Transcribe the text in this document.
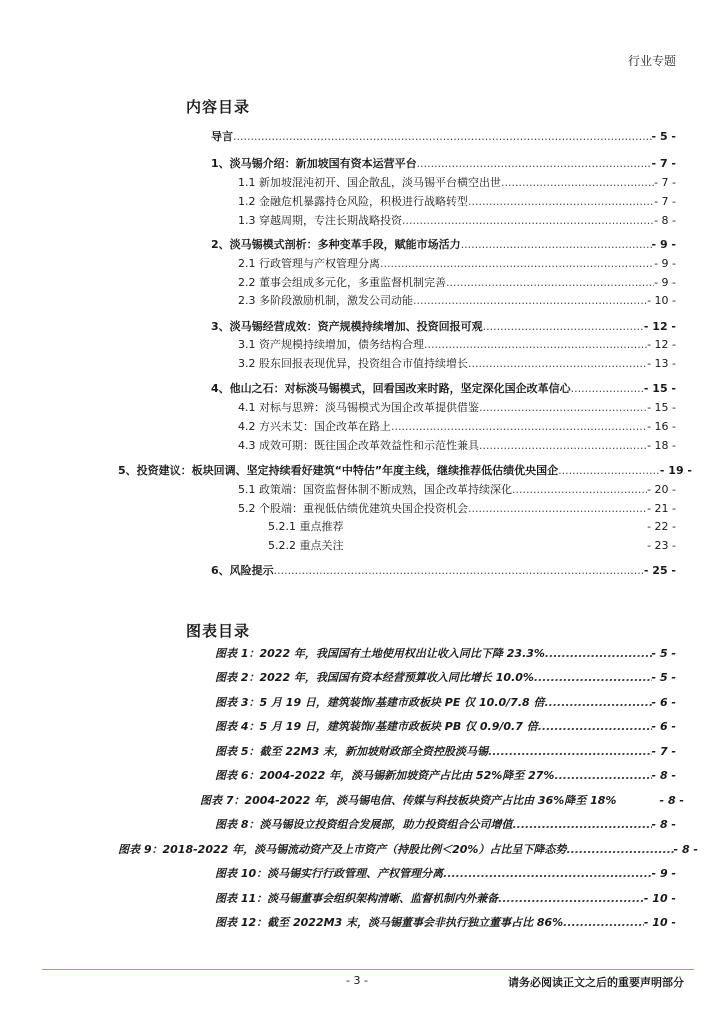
行业专题
内容目录
导言 .....	- 5 -
1、淡马锡介绍：新加坡国有资本运营平台 .....	- 7 -
1.1 新加坡混沌初开、国企散乱，淡马锡平台横空出世 .....	- 7 -
1.2 金融危机暴露持仓风险，积极进行战略转型 .....	- 7 -
1.3 穿越周期，专注长期战略投资 .....	- 8 -
2、淡马锡模式剖析：多种变革手段，赋能市场活力 .....	- 9 -
2.1 行政管理与产权管理分离 .....	- 9 -
2.2 董事会组成多元化，多重监督机制完善 .....	- 9 -
2.3 多阶段激励机制，激发公司动能 .....	- 10 -
3、淡马锡经营成效：资产规模持续增加、投资回报可观 .....	- 12 -
3.1 资产规模持续增加，债务结构合理 .....	- 12 -
3.2 股东回报表现优异，投资组合市值持续增长 .....	- 13 -
4、他山之石：对标淡马锡模式，回看国改来时路，坚定深化国企改革信心 .....	- 15 -
4.1 对标与思辨：淡马锡模式为国企改革提供借鉴 .....	- 15 -
4.2 方兴未艾：国企改革在路上 .....	- 16 -
4.3 成效可期：既往国企改革效益性和示范性兼具 .....	- 18 -
5、投资建议：板块回调、坚定持续看好建筑“中特估”年度主线，继续推荐低估绩优央国企 .....	- 19 -
5.1 政策端：国资监督体制不断成熟，国企改革持续深化 .....	- 20 -
5.2 个股端：重视低估绩优建筑央国企投资机会 .....	- 21 -
5.2.1 重点推荐	- 22 -
5.2.2 重点关注	- 23 -
6、风险提示 .....	- 25 -
图表目录
图表 1：2022 年，我国国有土地使用权出让收入同比下降 23.3% .....	- 5 -
图表 2：2022 年，我国国有资本经营预算收入同比增长 10.0% .....	- 5 -
图表 3：5 月 19 日，建筑装饰/基建市政板块 PE 仅 10.0/7.8 倍 .....	- 6 -
图表 4：5 月 19 日，建筑装饰/基建市政板块 PB 仅 0.9/0.7 倍 .....	- 6 -
图表 5：截至 22M3 末，新加坡财政部全资控股淡马锡 .....	- 7 -
图表 6：2004-2022 年，淡马锡新加坡资产占比由 52%降至 27% .....	- 8 -
图表 7：2004-2022 年，淡马锡电信、传媒与科技板块资产占比由 36%降至 18%	- 8 -
图表 8：淡马锡设立投资组合发展部，助力投资组合公司增值 .....	- 8 -
图表 9：2018-2022 年，淡马锡流动资产及上市资产（持股比例＜20%）占比呈下降态势 .....	- 8 -
图表 10：淡马锡实行行政管理、产权管理分离 .....	- 9 -
图表 11：淡马锡董事会组织架构清晰、监督机制内外兼备 .....	- 10 -
图表 12：截至 2022M3 末，淡马锡董事会非执行独立董事占比 86% .....	- 10 -
- 3 -	请务必阅读正文之后的重要声明部分
